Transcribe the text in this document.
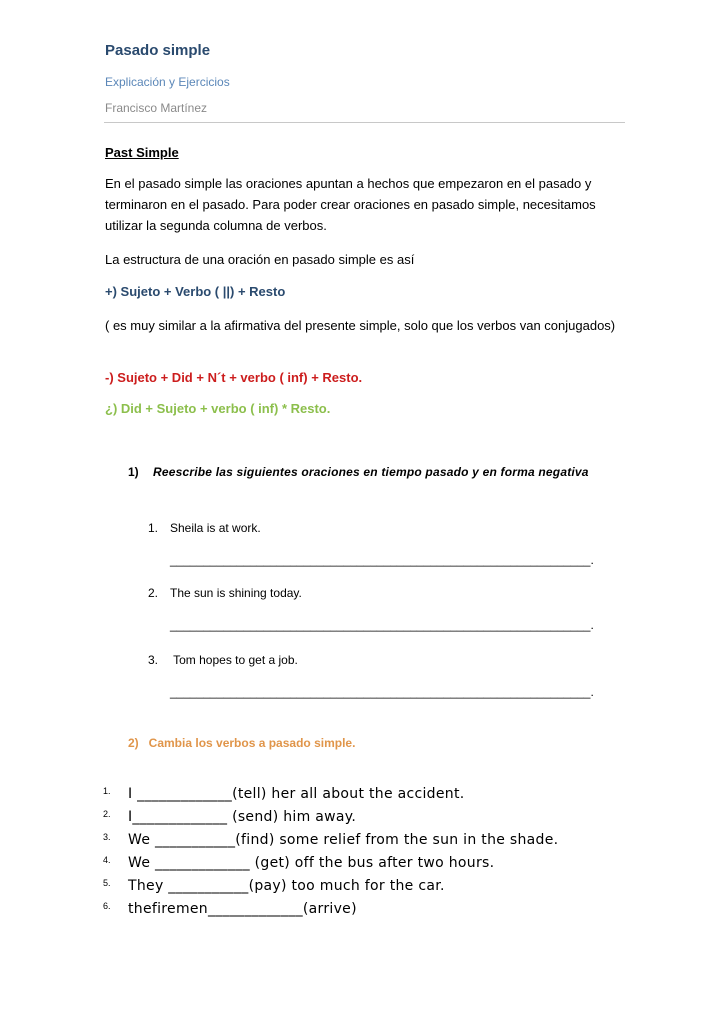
Pasado simple
Explicación y Ejercicios
Francisco Martínez
Past Simple
En el pasado simple las oraciones apuntan a hechos que empezaron en el pasado y terminaron en el pasado. Para poder crear oraciones en pasado simple, necesitamos utilizar la segunda columna de verbos.
La estructura de una oración en pasado simple es así
+) Sujeto + Verbo ( ||) + Resto
( es muy similar a la afirmativa del presente simple, solo que los verbos van conjugados)
-) Sujeto + Did + N´t + verbo ( inf) + Resto.
¿) Did + Sujeto + verbo ( inf) * Resto.
1) Reescribe las siguientes oraciones en tiempo pasado y en forma negativa
1. Sheila is at work.
_______________________________________________________________.
2. The sun is shining today.
_______________________________________________________________.
3. Tom hopes to get a job.
_______________________________________________________________.
2)   Cambia los verbos a pasado simple.
1. I _____________(tell) her all about the accident.
2. I_____________ (send) him away.
3. We ___________(find) some relief from the sun in the shade.
4. We _____________ (get) off the bus after two hours.
5. They ___________(pay) too much for the car.
6. thefiremen_____________(arrive)
